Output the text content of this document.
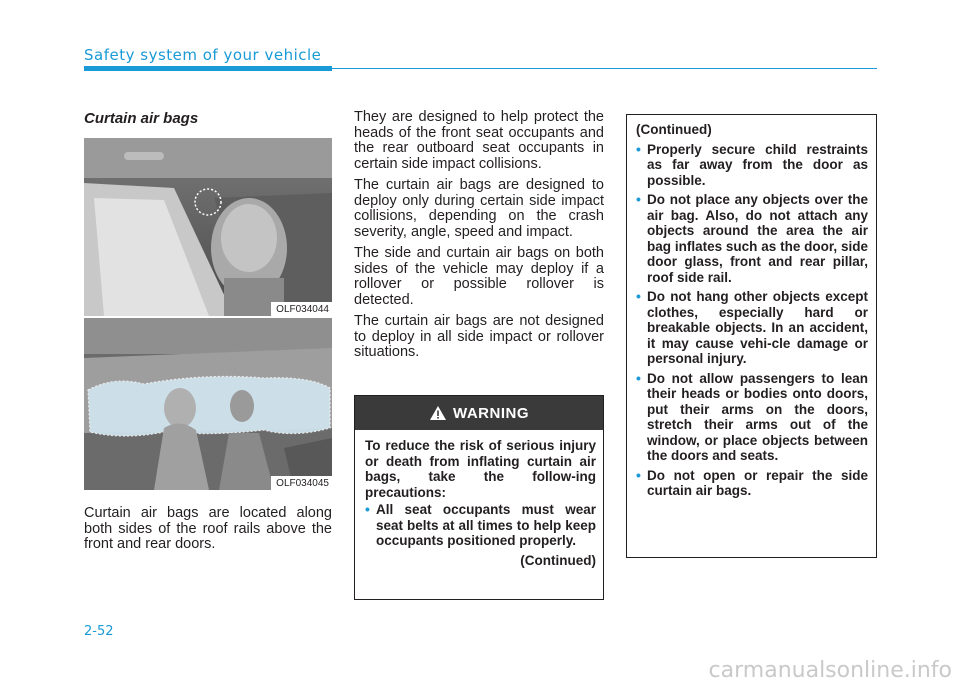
Safety system of your vehicle
Curtain air bags
OLF034044
OLF034045
Curtain air bags are located along both sides of the roof rails above the front and rear doors.

They are designed to help protect the heads of the front seat occupants and the rear outboard seat occupants in certain side impact collisions.

The curtain air bags are designed to deploy only during certain side impact collisions, depending on the crash severity, angle, speed and impact.

The side and curtain air bags on both sides of the vehicle may deploy if a rollover or possible rollover is detected.

The curtain air bags are not designed to deploy in all side impact or rollover situations.

WARNING
To reduce the risk of serious injury or death from inflating curtain air bags, take the follow-ing precautions:
• All seat occupants must wear seat belts at all times to help keep occupants positioned properly.
(Continued)
(Continued)
• Properly secure child restraints as far away from the door as possible.
• Do not place any objects over the air bag. Also, do not attach any objects around the area the air bag inflates such as the door, side door glass, front and rear pillar, roof side rail.
• Do not hang other objects except clothes, especially hard or breakable objects. In an accident, it may cause vehi-cle damage or personal injury.
• Do not allow passengers to lean their heads or bodies onto doors, put their arms on the doors, stretch their arms out of the window, or place objects between the doors and seats.
• Do not open or repair the side curtain air bags.
2-52
carmanualsonline.info
